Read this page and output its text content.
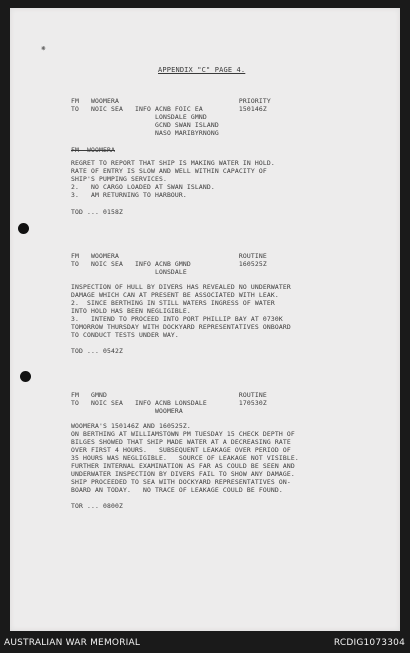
⁕
APPENDIX "C" PAGE 4.
FM   WOOMERA                              PRIORITY
TO   NOIC SEA   INFO ACNB FOIC EA         150146Z
LONSDALE GMND
GCND SWAN ISLAND
NASO MARIBYRNONG
FM  WOOMERA
REGRET TO REPORT THAT SHIP IS MAKING WATER IN HOLD.
RATE OF ENTRY IS SLOW AND WELL WITHIN CAPACITY OF
SHIP'S PUMPING SERVICES.
2.   NO CARGO LOADED AT SWAN ISLAND.
3.   AM RETURNING TO HARBOUR.
TOD ... 0158Z
FM   WOOMERA                              ROUTINE
TO   NOIC SEA   INFO ACNB GMND            160525Z
LONSDALE
INSPECTION OF HULL BY DIVERS HAS REVEALED NO UNDERWATER
DAMAGE WHICH CAN AT PRESENT BE ASSOCIATED WITH LEAK.
2.  SINCE BERTHING IN STILL WATERS INGRESS OF WATER
INTO HOLD HAS BEEN NEGLIGIBLE.
3.   INTEND TO PROCEED INTO PORT PHILLIP BAY AT 0730K
TOMORROW THURSDAY WITH DOCKYARD REPRESENTATIVES ONBOARD
TO CONDUCT TESTS UNDER WAY.
TOD ... 0542Z
FM   GMND                                 ROUTINE
TO   NOIC SEA   INFO ACNB LONSDALE        170530Z
WOOMERA
WOOMERA'S 150146Z AND 160525Z.
ON BERTHING AT WILLIAMSTOWN PM TUESDAY 15 CHECK DEPTH OF
BILGES SHOWED THAT SHIP MADE WATER AT A DECREASING RATE
OVER FIRST 4 HOURS.   SUBSEQUENT LEAKAGE OVER PERIOD OF
35 HOURS WAS NEGLIGIBLE.   SOURCE OF LEAKAGE NOT VISIBLE.
FURTHER INTERNAL EXAMINATION AS FAR AS COULD BE SEEN AND
UNDERWATER INSPECTION BY DIVERS FAIL TO SHOW ANY DAMAGE.
SHIP PROCEEDED TO SEA WITH DOCKYARD REPRESENTATIVES ON-
BOARD AN TODAY.   NO TRACE OF LEAKAGE COULD BE FOUND.
TOR ... 0800Z
AUSTRALIAN WAR MEMORIAL	RCDIG1073304
